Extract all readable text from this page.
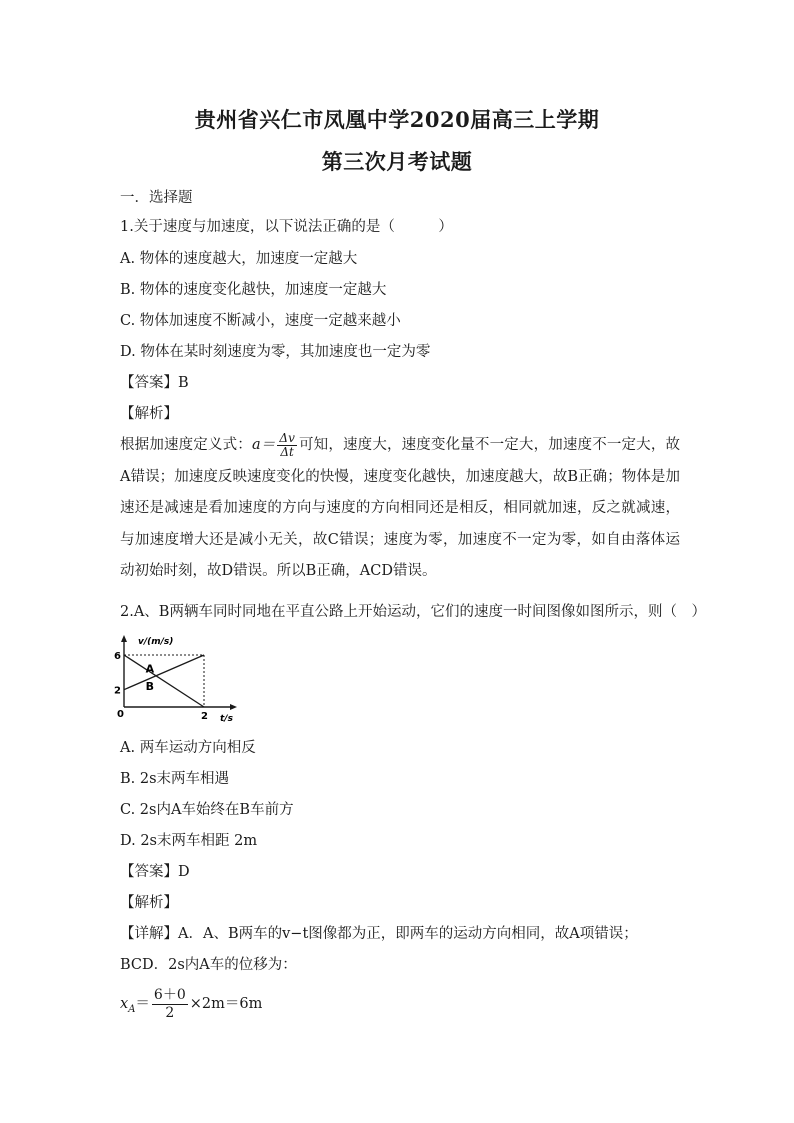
贵州省兴仁市凤凰中学2020届高三上学期
第三次月考试题
一．选择题
1.关于速度与加速度，以下说法正确的是（　　　）
A. 物体的速度越大，加速度一定越大
B. 物体的速度变化越快，加速度一定越大
C. 物体加速度不断减小，速度一定越来越小
D. 物体在某时刻速度为零，其加速度也一定为零
【答案】B
【解析】
根据加速度定义式：$a= \frac{\Delta v}{\Delta t}$ 可知，速度大，速度变化量不一定大，加速度不一定大，故A错误；加速度反映速度变化的快慢，速度变化越快，加速度越大，故B正确；物体是加速还是减速是看加速度的方向与速度的方向相同还是相反，相同就加速，反之就减速，与加速度增大还是减小无关，故C错误；速度为零，加速度不一定为零，如自由落体运动初始时刻，故D错误。所以B正确，ACD错误。
2.A、B两辆车同时同地在平直公路上开始运动，它们的速度一时间图像如图所示，则（　）
A
B
2
6
2
v/(m/s)
t/s
0
A. 两车运动方向相反
B. 2s末两车相遇
C. 2s内A车始终在B车前方
D. 2s末两车相距 2m
【答案】D
【解析】
【详解】A．A、B两车的v−t图像都为正，即两车的运动方向相同，故A项错误；
BCD．2s内A车的位移为：
$x_A= \frac{6+0}{2} \times 2m=6m$
